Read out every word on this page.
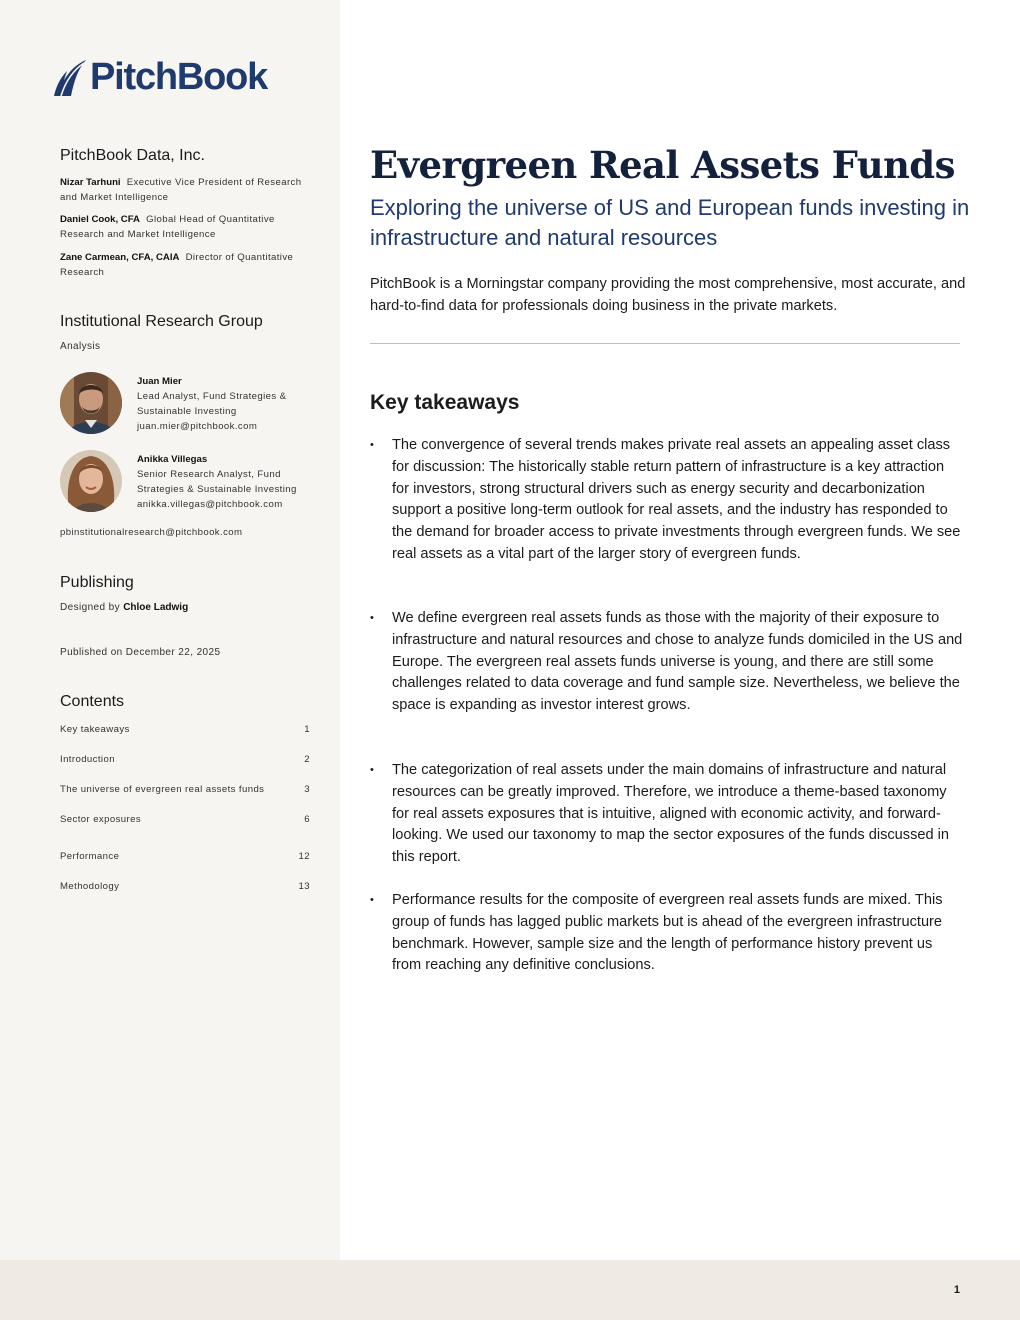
PitchBook
PitchBook Data, Inc.
Nizar Tarhuni Executive Vice President of Research and Market Intelligence
Daniel Cook, CFA Global Head of Quantitative Research and Market Intelligence
Zane Carmean, CFA, CAIA Director of Quantitative Research
Institutional Research Group
Analysis
Juan Mier
Lead Analyst, Fund Strategies & Sustainable Investing
juan.mier@pitchbook.com
Anikka Villegas
Senior Research Analyst, Fund Strategies & Sustainable Investing
anikka.villegas@pitchbook.com
pbinstitutionalresearch@pitchbook.com
Publishing
Designed by Chloe Ladwig
Published on December 22, 2025
Contents
Key takeaways	1
Introduction	2
The universe of evergreen real assets funds	3
Sector exposures	6
Performance	12
Methodology	13
Evergreen Real Assets Funds
Exploring the universe of US and European funds investing in infrastructure and natural resources

PitchBook is a Morningstar company providing the most comprehensive, most accurate, and hard-to-find data for professionals doing business in the private markets.

Key takeaways
• The convergence of several trends makes private real assets an appealing asset class for discussion: The historically stable return pattern of infrastructure is a key attraction for investors, strong structural drivers such as energy security and decarbonization support a positive long-term outlook for real assets, and the industry has responded to the demand for broader access to private investments through evergreen funds. We see real assets as a vital part of the larger story of evergreen funds.
• We define evergreen real assets funds as those with the majority of their exposure to infrastructure and natural resources and chose to analyze funds domiciled in the US and Europe. The evergreen real assets funds universe is young, and there are still some challenges related to data coverage and fund sample size. Nevertheless, we believe the space is expanding as investor interest grows.
• The categorization of real assets under the main domains of infrastructure and natural resources can be greatly improved. Therefore, we introduce a theme-based taxonomy for real assets exposures that is intuitive, aligned with economic activity, and forward-looking. We used our taxonomy to map the sector exposures of the funds discussed in this report.
• Performance results for the composite of evergreen real assets funds are mixed. This group of funds has lagged public markets but is ahead of the evergreen infrastructure benchmark. However, sample size and the length of performance history prevent us from reaching any definitive conclusions.
1
